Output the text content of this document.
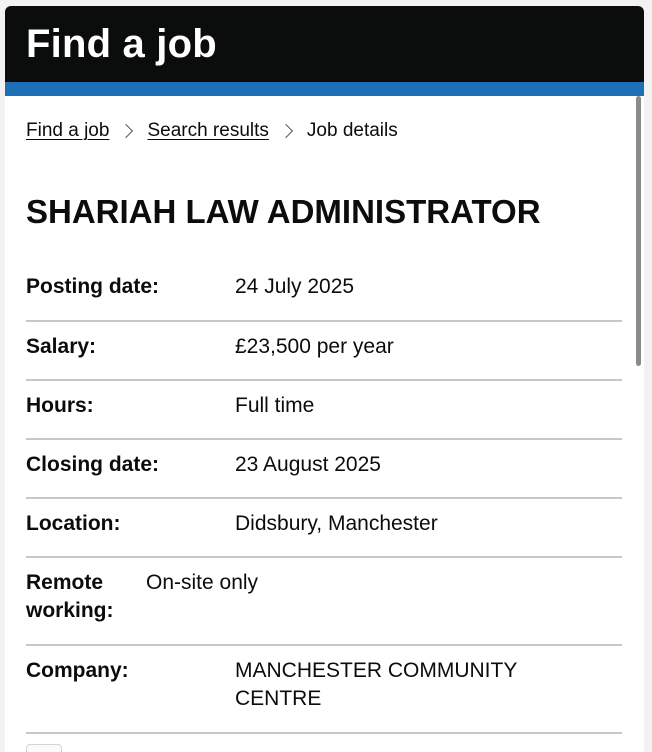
Find a job
Find a job Search results Job details
SHARIAH LAW ADMINISTRATOR
Posting date:	24 July 2025
Salary:	£23,500 per year
Hours:	Full time
Closing date:	23 August 2025
Location:	Didsbury, Manchester
Remote working:
On-site only
Company:	MANCHESTER COMMUNITY CENTRE
